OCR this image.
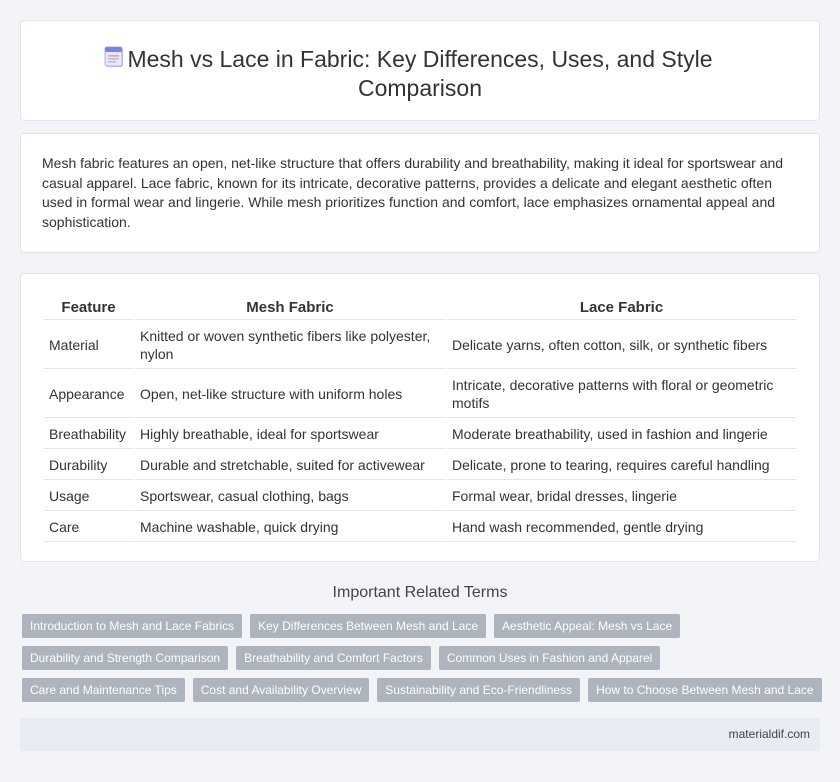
Mesh vs Lace in Fabric: Key Differences, Uses, and Style Comparison

Mesh fabric features an open, net-like structure that offers durability and breathability, making it ideal for sportswear and casual apparel. Lace fabric, known for its intricate, decorative patterns, provides a delicate and elegant aesthetic often used in formal wear and lingerie. While mesh prioritizes function and comfort, lace emphasizes ornamental appeal and sophistication.

Feature	Mesh Fabric	Lace Fabric
Material	Knitted or woven synthetic fibers like polyester, nylon	Delicate yarns, often cotton, silk, or synthetic fibers
Appearance	Open, net-like structure with uniform holes	Intricate, decorative patterns with floral or geometric motifs
Breathability	Highly breathable, ideal for sportswear	Moderate breathability, used in fashion and lingerie
Durability	Durable and stretchable, suited for activewear	Delicate, prone to tearing, requires careful handling
Usage	Sportswear, casual clothing, bags	Formal wear, bridal dresses, lingerie
Care	Machine washable, quick drying	Hand wash recommended, gentle drying
Important Related Terms
Introduction to Mesh and Lace Fabrics	Key Differences Between Mesh and Lace	Aesthetic Appeal: Mesh vs Lace
Durability and Strength Comparison	Breathability and Comfort Factors	Common Uses in Fashion and Apparel
Care and Maintenance Tips	Cost and Availability Overview	Sustainability and Eco-Friendliness	How to Choose Between Mesh and Lace
materialdif.com
